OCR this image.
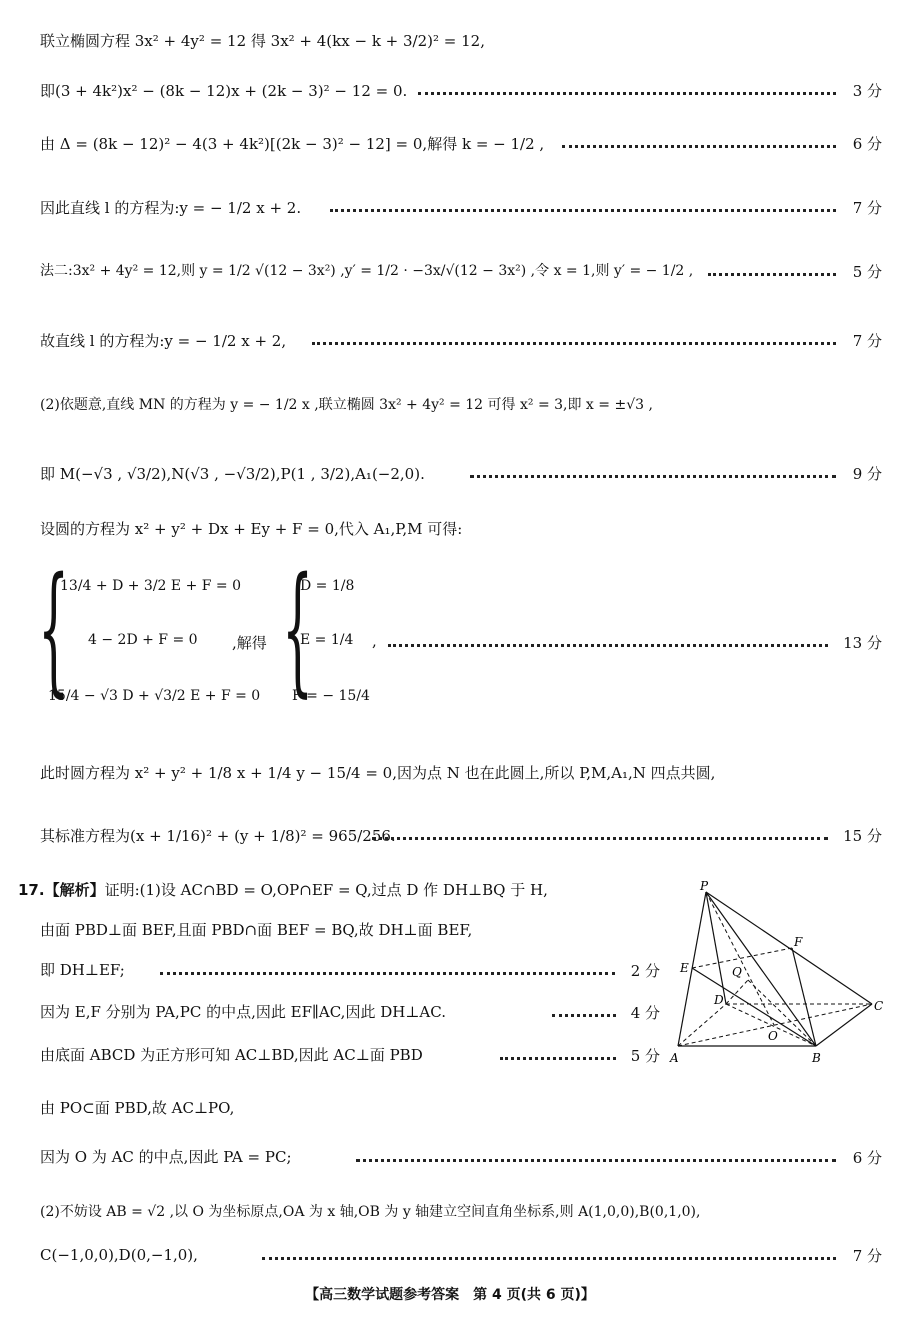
联立椭圆方程 3x² + 4y² = 12 得 3x² + 4(kx − k + 3/2)² = 12,
即(3 + 4k²)x² − (8k − 12)x + (2k − 3)² − 12 = 0.	3 分
由 Δ = (8k − 12)² − 4(3 + 4k²)[(2k − 3)² − 12] = 0,解得 k = − 1/2 ,	6 分
因此直线 l 的方程为:y = − 1/2 x + 2.	7 分
法二:3x² + 4y² = 12,则 y = 1/2 √(12 − 3x²) ,y′ = 1/2 · −3x/√(12 − 3x²) ,令 x = 1,则 y′ = − 1/2 ,	5 分
故直线 l 的方程为:y = − 1/2 x + 2,	7 分
(2)依题意,直线 MN 的方程为 y = − 1/2 x ,联立椭圆 3x² + 4y² = 12 可得 x² = 3,即 x = ±√3 ,
即 M(−√3 , √3/2),N(√3 , −√3/2),P(1 , 3/2),A₁(−2,0).	9 分
设圆的方程为 x² + y² + Dx + Ey + F = 0,代入 A₁,P,M 可得:
{
13/4 + D + 3/2 E + F = 0
4 − 2D + F = 0
15/4 − √3 D + √3/2 E + F = 0
,解得 {
D = 1/8
E = 1/4
F = − 15/4
,	13 分
此时圆方程为 x² + y² + 1/8 x + 1/4 y − 15/4 = 0,因为点 N 也在此圆上,所以 P,M,A₁,N 四点共圆,
其标准方程为(x + 1/16)² + (y + 1/8)² = 965/256.	15 分
17.【解析】证明:(1)设 AC∩BD = O,OP∩EF = Q,过点 D 作 DH⊥BQ 于 H,
由面 PBD⊥面 BEF,且面 PBD∩面 BEF = BQ,故 DH⊥面 BEF,
即 DH⊥EF;	2 分
因为 E,F 分别为 PA,PC 的中点,因此 EF∥AC,因此 DH⊥AC.	4 分
由底面 ABCD 为正方形可知 AC⊥BD,因此 AC⊥面 PBD	5 分
P
F
E	Q
D	C
O
A	B
由 PO⊂面 PBD,故 AC⊥PO,
因为 O 为 AC 的中点,因此 PA = PC;	6 分
(2)不妨设 AB = √2 ,以 O 为坐标原点,OA 为 x 轴,OB 为 y 轴建立空间直角坐标系,则 A(1,0,0),B(0,1,0),
C(−1,0,0),D(0,−1,0),	7 分
【高三数学试题参考答案　第 4 页(共 6 页)】
